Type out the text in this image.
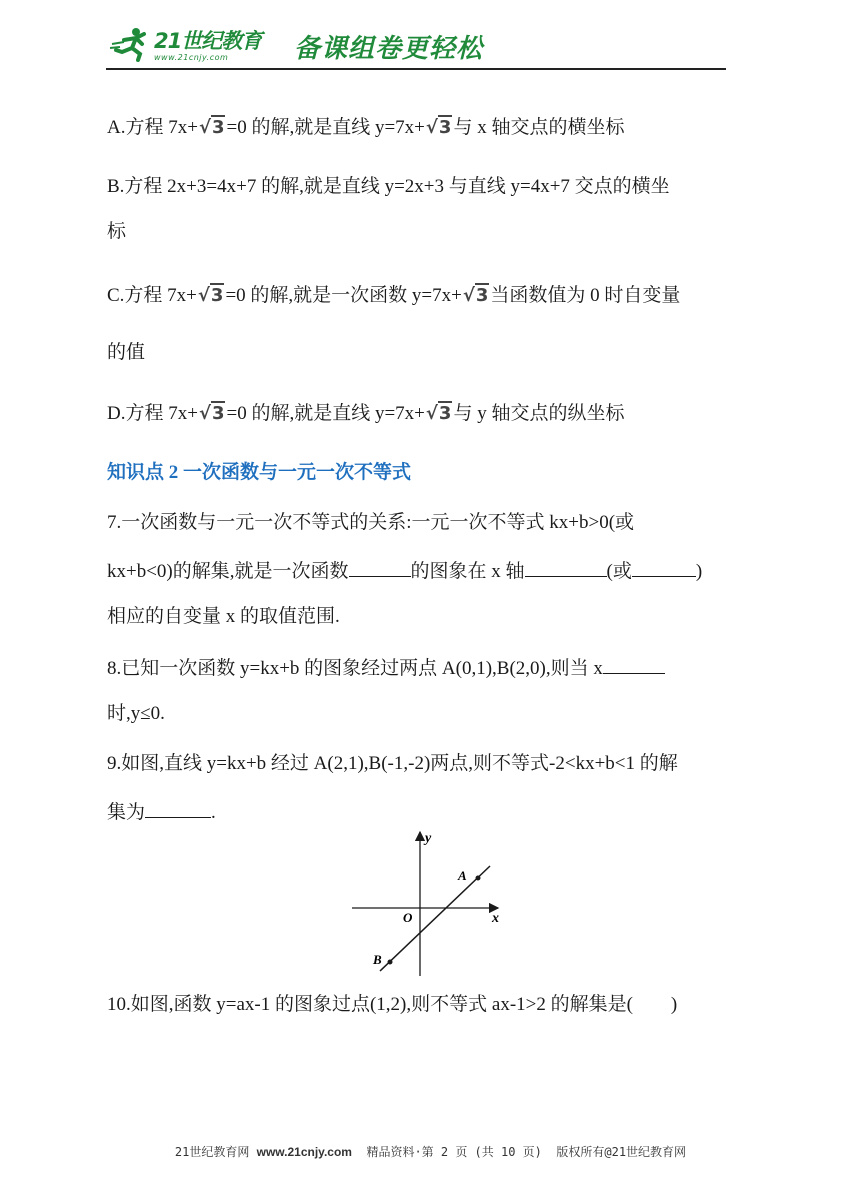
21世纪教育
www.21cnjy.com	备课组卷更轻松
A.方程 7x+√3 =0 的解,就是直线 y=7x+√3 与 x 轴交点的横坐标
B.方程 2x+3=4x+7 的解,就是直线 y=2x+3 与直线 y=4x+7 交点的横坐
标
C.方程 7x+√3 =0 的解,就是一次函数 y=7x+√3 当函数值为 0 时自变量
的值
D.方程 7x+√3 =0 的解,就是直线 y=7x+√3 与 y 轴交点的纵坐标
知识点 2 一次函数与一元一次不等式
7.一次函数与一元一次不等式的关系:一元一次不等式 kx+b>0(或
kx+b<0)的解集,就是一次函数	的图象在 x 轴	(或	)
相应的自变量 x 的取值范围.
8.已知一次函数 y=kx+b 的图象经过两点 A(0,1),B(2,0),则当 x
时,y≤0.
9.如图,直线 y=kx+b 经过 A(2,1),B(-1,-2)两点,则不等式-2<kx+b<1 的解
集为	.
y
x
O
A
B
10.如图,函数 y=ax-1 的图象过点(1,2),则不等式 ax-1>2 的解集是(　　)
21世纪教育网 www.21cnjy.com 精品资料·第 2 页 (共 10 页) 版权所有@21世纪教育网
